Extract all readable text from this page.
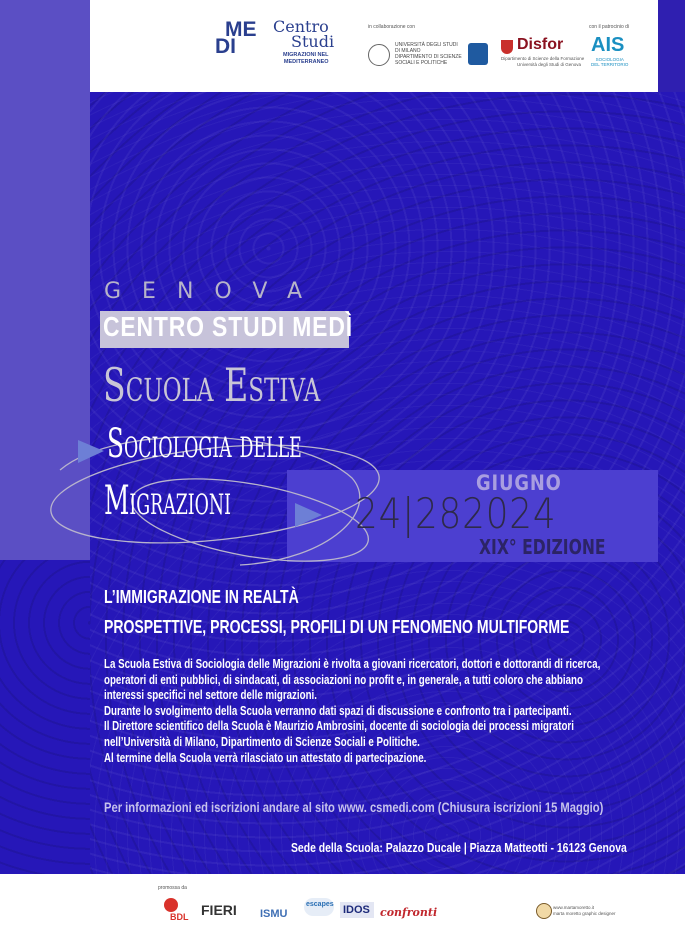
ME
DI
Centro
Studi
MIGRAZIONI NEL
MEDITERRANEO
in collaborazione con
UNIVERSITÀ DEGLI STUDI
DI MILANO
DIPARTIMENTO DI SCIENZE
SOCIALI E POLITICHE
Disfor
Dipartimento di Scienze della Formazione
Università degli Studi di Genova
con il patrocinio di
AIS
SOCIOLOGIA
DEL TERRITORIO
GENOVA
CENTRO STUDI MEDÌ
Scuola Estiva
Sociologia delle
Migrazioni	GIUGNO
24|282024
XIX° EDIZIONE
L’IMMIGRAZIONE IN REALTÀ
PROSPETTIVE, PROCESSI, PROFILI DI UN FENOMENO MULTIFORME

La Scuola Estiva di Sociologia delle Migrazioni è rivolta a giovani ricercatori, dottori e dottorandi di ricerca, operatori di enti pubblici, di sindacati, di associazioni no profit e, in generale, a tutti coloro che abbiano interessi specifici nel settore delle migrazioni.

Durante lo svolgimento della Scuola verranno dati spazi di discussione e confronto tra i partecipanti.

Il Direttore scientifico della Scuola è Maurizio Ambrosini, docente di sociologia dei processi migratori nell’Università di Milano, Dipartimento di Scienze Sociali e Politiche.

Al termine della Scuola verrà rilasciato un attestato di partecipazione.

Per informazioni ed iscrizioni andare al sito www. csmedi.com (Chiusura iscrizioni 15 Maggio)
Sede della Scuola: Palazzo Ducale | Piazza Matteotti - 16123 Genova
promossa da
BDL FIERI ISMU
escapes IDOS confronti	www.martamoretto.it
marta moretto graphic designer
